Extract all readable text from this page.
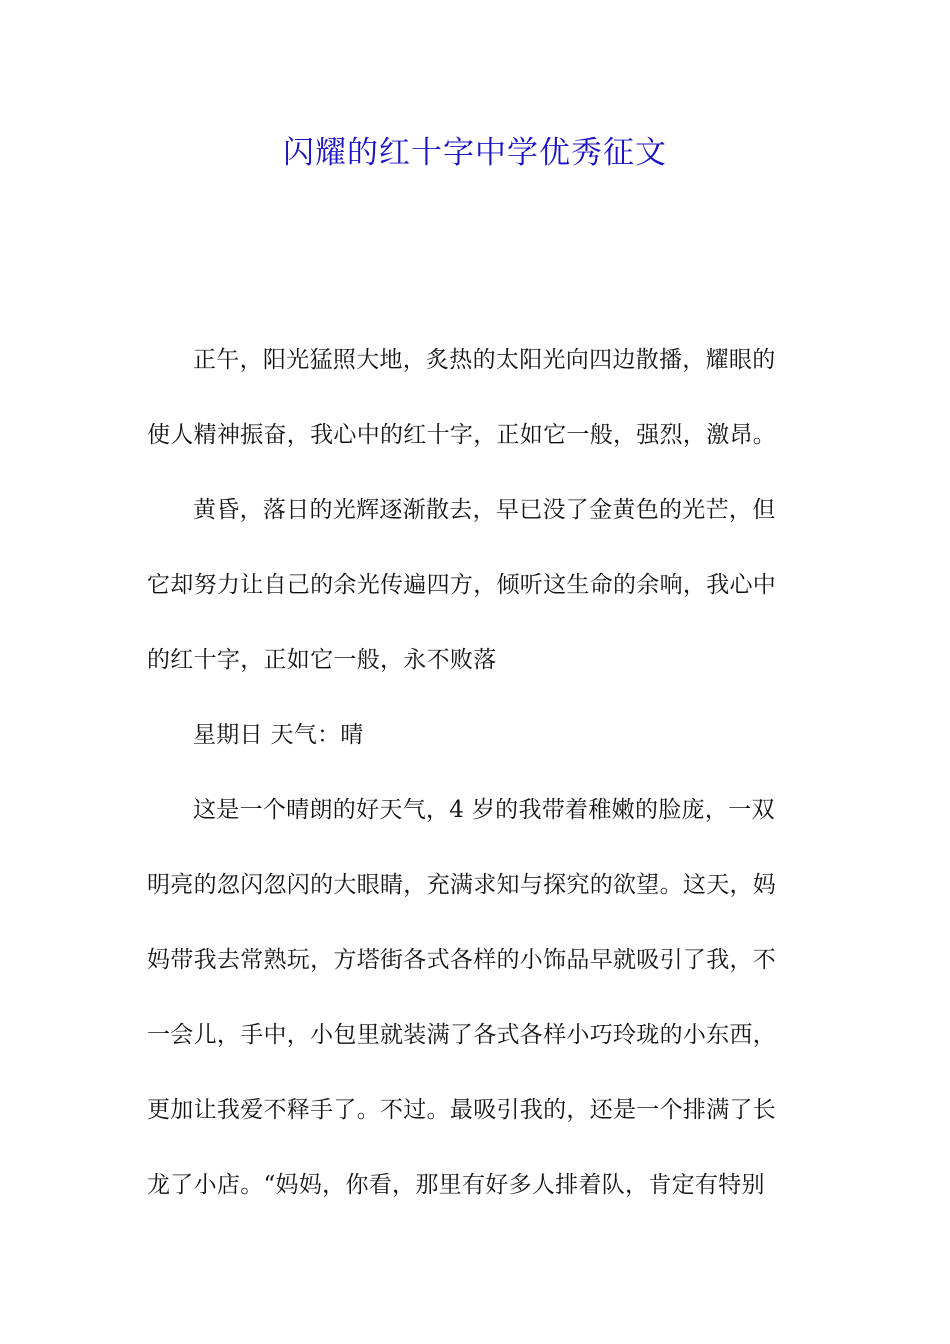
闪耀的红十字中学优秀征文

正午，阳光猛照大地，炙热的太阳光向四边散播，耀眼的

使人精神振奋，我心中的红十字，正如它一般，强烈，激昂。

黄昏，落日的光辉逐渐散去，早已没了金黄色的光芒，但

它却努力让自己的余光传遍四方，倾听这生命的余响，我心中

的红十字，正如它一般，永不败落

星期日 天气：晴

这是一个晴朗的好天气，4 岁的我带着稚嫩的脸庞，一双

明亮的忽闪忽闪的大眼睛，充满求知与探究的欲望。这天，妈

妈带我去常熟玩，方塔街各式各样的小饰品早就吸引了我，不

一会儿，手中，小包里就装满了各式各样小巧玲珑的小东西，

更加让我爱不释手了。不过。最吸引我的，还是一个排满了长

龙了小店。“妈妈，你看，那里有好多人排着队，肯定有特别
